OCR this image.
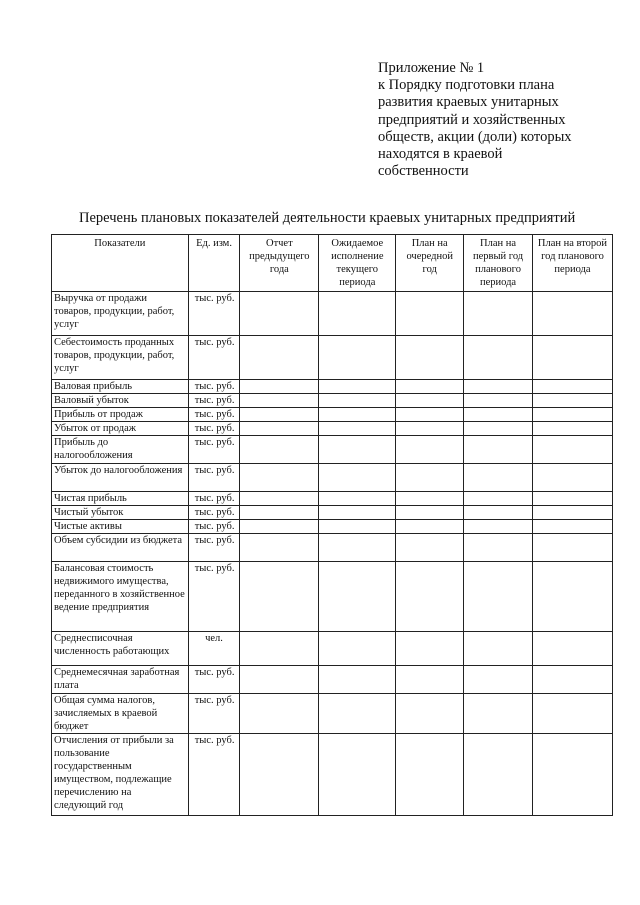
Приложение № 1
к Порядку подготовки плана
развития краевых унитарных
предприятий и хозяйственных
обществ, акции (доли) которых
находятся в краевой
собственности
Перечень плановых показателей деятельности краевых унитарных предприятий
Показатели	Ед. изм.	Отчет предыдущего года	Ожидаемое исполнение текущего периода	План на очередной год	План на первый год планового периода	План на второй год планового периода
Выручка от продажи товаров, продукции, работ, услуг	тыс. руб.					
Себестоимость проданных товаров, продукции, работ, услуг	тыс. руб.					
Валовая прибыль	тыс. руб.					
Валовый убыток	тыс. руб.					
Прибыль от продаж	тыс. руб.					
Убыток от продаж	тыс. руб.					
Прибыль до налогообложения	тыс. руб.					
Убыток до налогообложения	тыс. руб.					
Чистая прибыль	тыс. руб.					
Чистый убыток	тыс. руб.					
Чистые активы	тыс. руб.					
Объем субсидии из бюджета	тыс. руб.					
Балансовая стоимость недвижимого имущества, переданного в хозяйственное ведение предприятия	тыс. руб.					
Среднесписочная численность работающих	чел.					
Среднемесячная заработная плата	тыс. руб.					
Общая сумма налогов, зачисляемых в краевой бюджет	тыс. руб.					
Отчисления от прибыли за пользование государственным имуществом, подлежащие перечислению на следующий год	тыс. руб.					
